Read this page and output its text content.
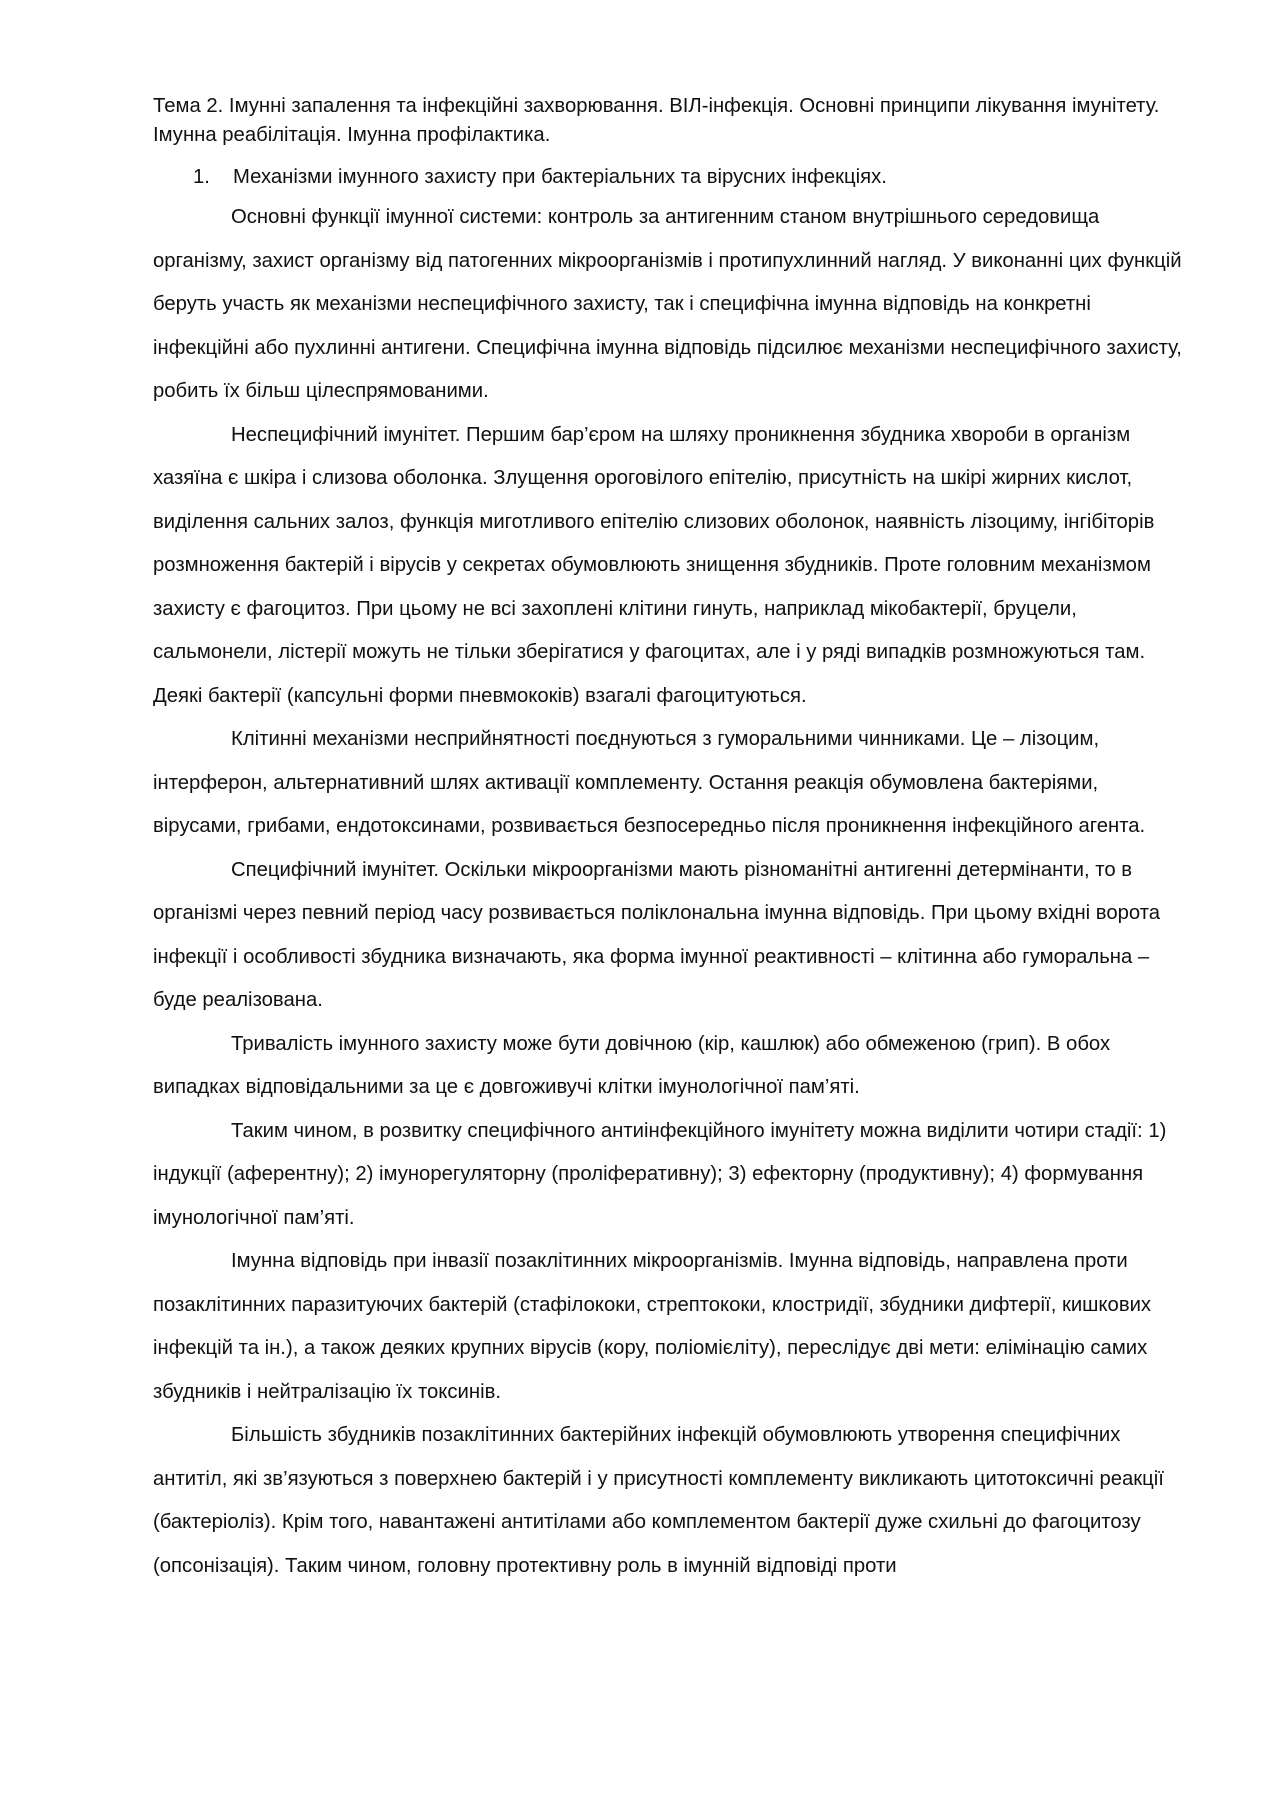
Тема 2. Імунні запалення та інфекційні захворювання. ВІЛ-інфекція. Основні принципи лікування імунітету. Імунна реабілітація. Імунна профілактика.

1.	Механізми імунного захисту при бактеріальних та вірусних інфекціях.

Основні функції імунної системи: контроль за антигенним станом внутрішнього середовища організму, захист організму від патогенних мікроорганізмів і протипухлинний нагляд. У виконанні цих функцій беруть участь як механізми неспецифічного захисту, так і специфічна імунна відповідь на конкретні інфекційні або пухлинні антигени. Специфічна імунна відповідь підсилює механізми неспецифічного захисту, робить їх більш цілеспрямованими.

Неспецифічний імунітет. Першим бар’єром на шляху проникнення збудника хвороби в організм хазяїна є шкіра і слизова оболонка. Злущення ороговілого епітелію, присутність на шкірі жирних кислот, виділення сальних залоз, функція миготливого епітелію слизових оболонок, наявність лізоциму, інгібіторів розмноження бактерій і вірусів у секретах обумовлюють знищення збудників. Проте головним механізмом захисту є фагоцитоз. При цьому не всі захоплені клітини гинуть, наприклад мікобактерії, бруцели, сальмонели, лістерії можуть не тільки зберігатися у фагоцитах, але і у ряді випадків розмножуються там. Деякі бактерії (капсульні форми пневмококів) взагалі фагоцитуються.

Клітинні механізми несприйнятності поєднуються з гуморальними чинниками. Це – лізоцим, інтерферон, альтернативний шлях активації комплементу. Остання реакція обумовлена бактеріями, вірусами, грибами, ендотоксинами, розвивається безпосередньо після проникнення інфекційного агента.

Специфічний імунітет. Оскільки мікроорганізми мають різноманітні антигенні детермінанти, то в організмі через певний період часу розвивається поліклональна імунна відповідь. При цьому вхідні ворота інфекції і особливості збудника визначають, яка форма імунної реактивності – клітинна або гуморальна – буде реалізована.

Тривалість імунного захисту може бути довічною (кір, кашлюк) або обмеженою (грип). В обох випадках відповідальними за це є довгоживучі клітки імунологічної пам’яті.

Таким чином, в розвитку специфічного антиінфекційного імунітету можна виділити чотири стадії: 1) індукції (аферентну); 2) імунорегуляторну (проліферативну); 3) ефекторну (продуктивну); 4) формування імунологічної пам’яті.

Імунна відповідь при інвазії позаклітинних мікроорганізмів. Імунна відповідь, направлена проти позаклітинних паразитуючих бактерій (стафілококи, стрептококи, клостридії, збудники дифтерії, кишкових інфекцій та ін.), а також деяких крупних вірусів (кору, поліомієліту), переслідує дві мети: елімінацію самих збудників і нейтралізацію їх токсинів.

Більшість збудників позаклітинних бактерійних інфекцій обумовлюють утворення специфічних антитіл, які зв’язуються з поверхнею бактерій і у присутності комплементу викликають цитотоксичні реакції (бактеріоліз). Крім того, навантажені антитілами або комплементом бактерії дуже схильні до фагоцитозу (опсонізація). Таким чином, головну протективну роль в імунній відповіді проти
